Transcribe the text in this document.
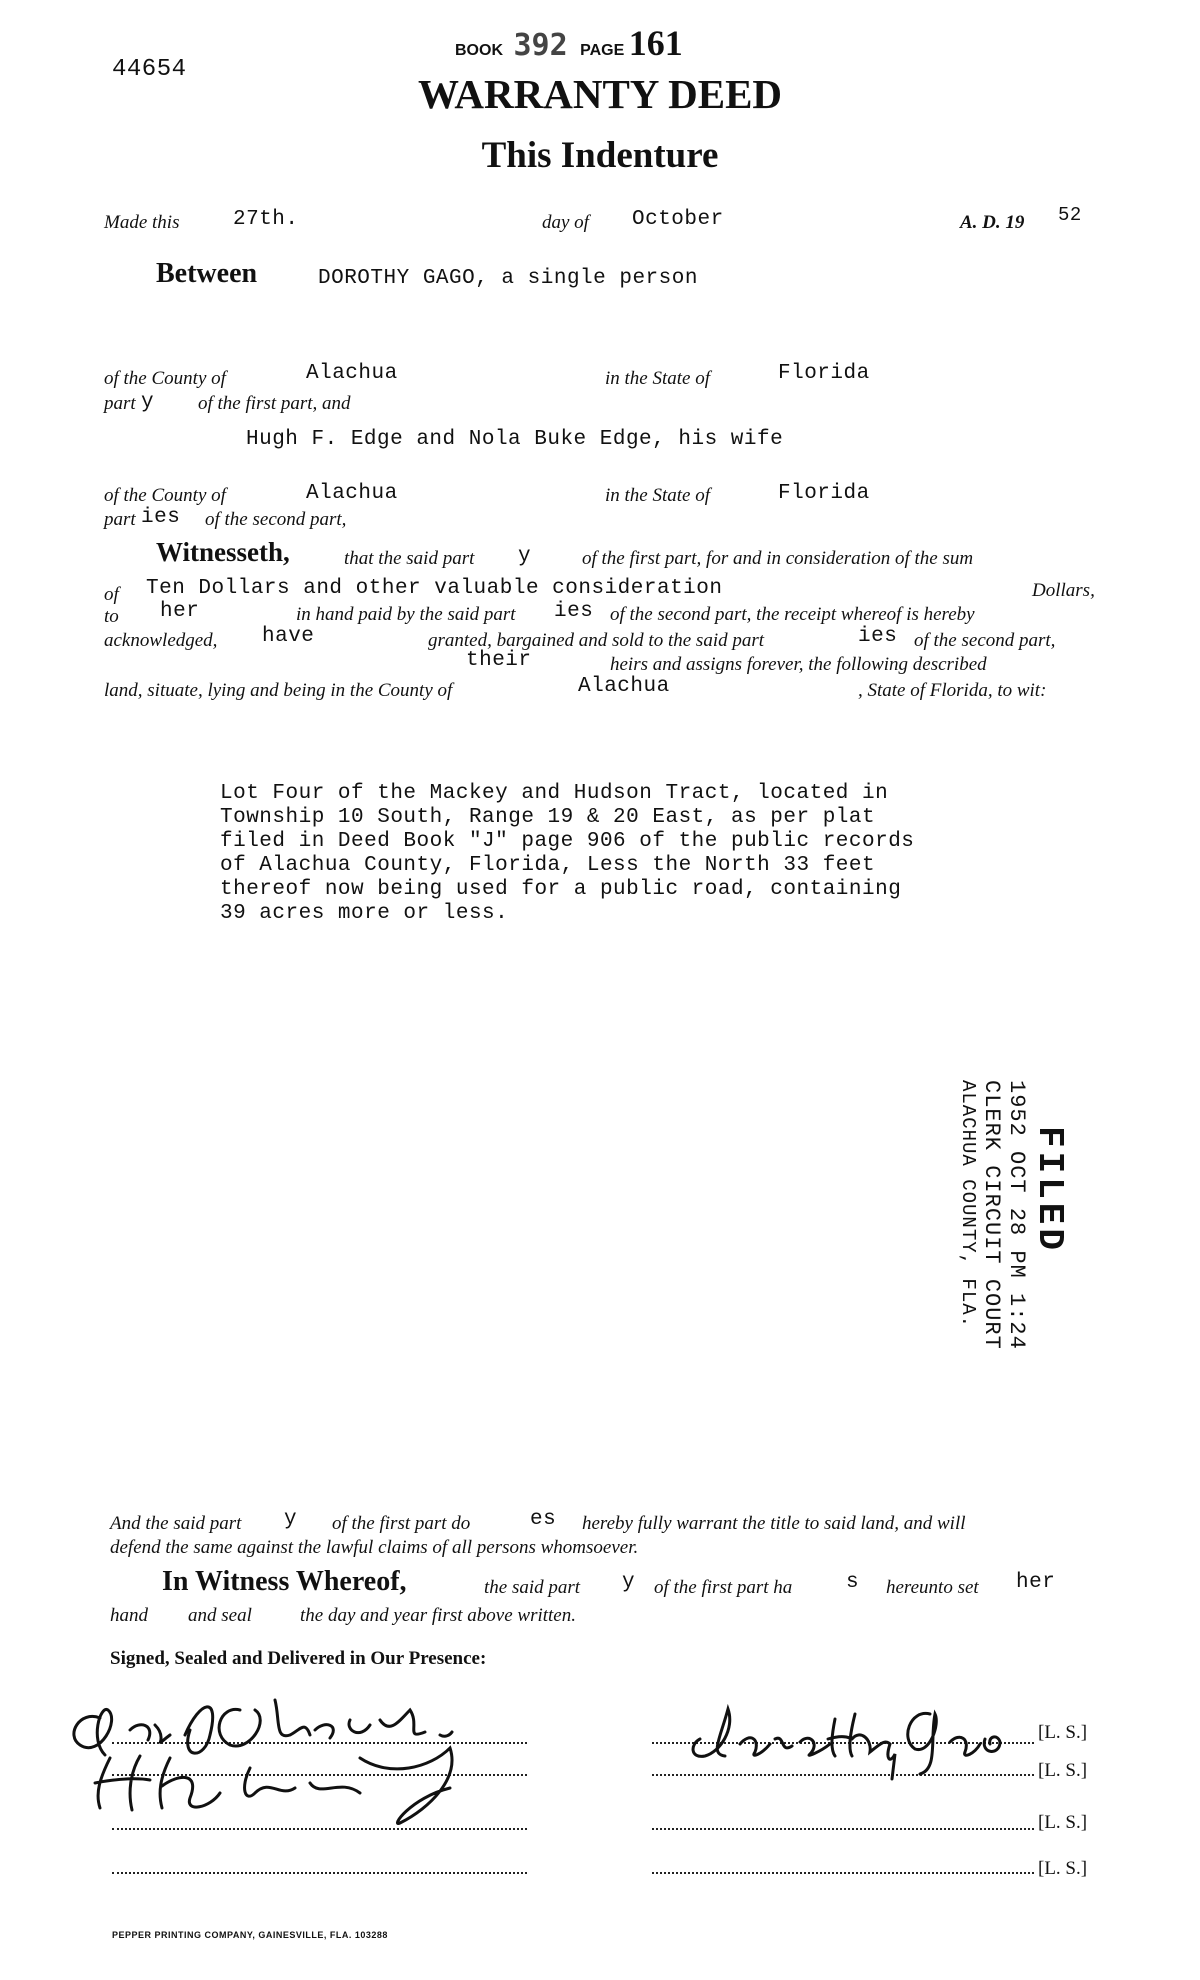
44654
BOOK 392 PAGE 161
WARRANTY DEED
This Indenture
Made this	27th.	day of October	A. D. 19 52
Between	DOROTHY GAGO, a single person
of the County of	Alachua	in the State of	Florida
part y of the first part, and
Hugh F. Edge and Nola Buke Edge, his wife
of the County of	Alachua	in the State of	Florida
part ies of the second part,
Witnesseth,	that the said part y	of the first part, for and in consideration of the sum
of Ten Dollars and other valuable consideration	Dollars,
to her	in hand paid by the said part ies of the second part, the receipt whereof is hereby
acknowledged, have	granted, bargained and sold to the said part	ies of the second part,
their	heirs and assigns forever, the following described
land, situate, lying and being in the County of	Alachua	, State of Florida, to wit:
Lot Four of the Mackey and Hudson Tract, located in
Township 10 South, Range 19 & 20 East, as per plat
filed in Deed Book "J" page 906 of the public records
of Alachua County, Florida, Less the North 33 feet
thereof now being used for a public road, containing
39 acres more or less.
FILED
1952 OCT 28 PM 1:24
CLERK CIRCUIT COURT
ALACHUA COUNTY, FLA.
And the said part y of the first part do	es hereby fully warrant the title to said land, and will
defend the same against the lawful claims of all persons whomsoever.
In Witness Whereof,	the said part y of the first part ha	s hereunto set her
hand and seal	the day and year first above written.
Signed, Sealed and Delivered in Our Presence:
[L. S.]
[L. S.]
[L. S.]
[L. S.]
PEPPER PRINTING COMPANY, GAINESVILLE, FLA. 103288
